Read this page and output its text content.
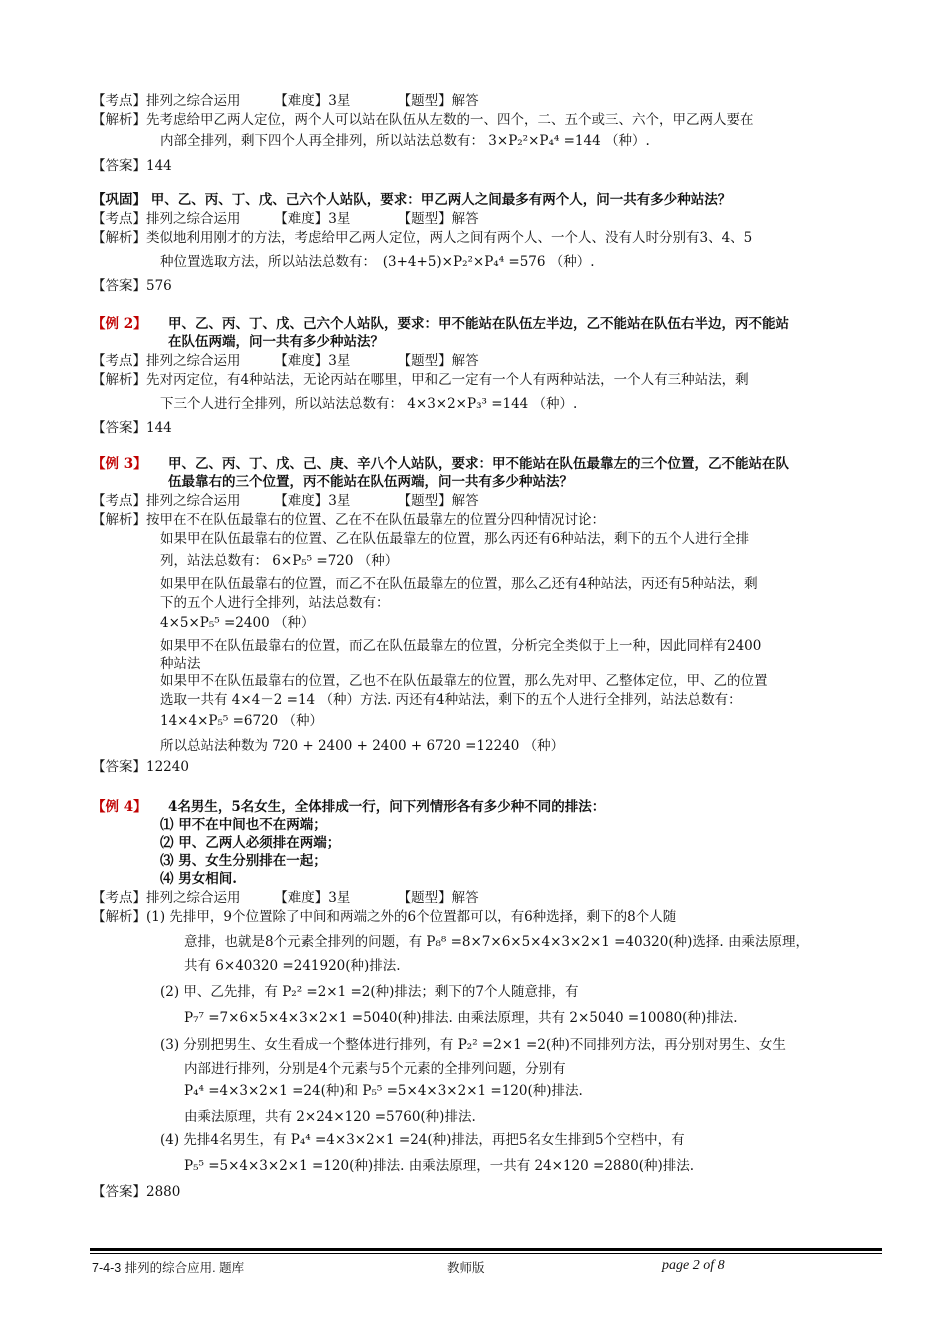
【考点】排列之综合运用　　　【难度】3星　　　　【题型】解答
【解析】先考虑给甲乙两人定位，两个人可以站在队伍从左数的一、四个，二、五个或三、六个，甲乙两人要在
内部全排列，剩下四个人再全排列，所以站法总数有： 3×P₂²×P₄⁴ =144 （种）.
【答案】144
【巩固】 甲、乙、丙、丁、戊、己六个人站队，要求：甲乙两人之间最多有两个人，问一共有多少种站法？
【考点】排列之综合运用　　　【难度】3星　　　　【题型】解答
【解析】类似地利用刚才的方法，考虑给甲乙两人定位，两人之间有两个人、一个人、没有人时分别有3、4、5
种位置选取方法，所以站法总数有：　(3+4+5)×P₂²×P₄⁴ =576 （种）.
【答案】576
甲、乙、丙、丁、戊、己六个人站队，要求：甲不能站在队伍左半边，乙不能站在队伍右半边，丙不能站
在队伍两端，问一共有多少种站法？
【考点】排列之综合运用　　　【难度】3星　　　　【题型】解答
【解析】先对丙定位，有4种站法，无论丙站在哪里，甲和乙一定有一个人有两种站法，一个人有三种站法，剩
下三个人进行全排列，所以站法总数有： 4×3×2×P₃³ =144 （种）.
【答案】144
甲、乙、丙、丁、戊、己、庚、辛八个人站队，要求：甲不能站在队伍最靠左的三个位置，乙不能站在队
伍最靠右的三个位置，丙不能站在队伍两端，问一共有多少种站法？
【考点】排列之综合运用　　　【难度】3星　　　　【题型】解答
【解析】按甲在不在队伍最靠右的位置、乙在不在队伍最靠左的位置分四种情况讨论：
如果甲在队伍最靠右的位置、乙在队伍最靠左的位置，那么丙还有6种站法，剩下的五个人进行全排
列，站法总数有： 6×P₅⁵ =720 （种）
如果甲在队伍最靠右的位置，而乙不在队伍最靠左的位置，那么乙还有4种站法，丙还有5种站法，剩
下的五个人进行全排列，站法总数有：
4×5×P₅⁵ =2400 （种）
如果甲不在队伍最靠右的位置，而乙在队伍最靠左的位置，分析完全类似于上一种，因此同样有2400
种站法
如果甲不在队伍最靠右的位置，乙也不在队伍最靠左的位置，那么先对甲、乙整体定位，甲、乙的位置
选取一共有 4×4－2 =14 （种）方法. 丙还有4种站法，剩下的五个人进行全排列，站法总数有：
14×4×P₅⁵ =6720 （种）
所以总站法种数为 720 + 2400 + 2400 + 6720 =12240 （种）
【答案】12240
4名男生，5名女生，全体排成一行，问下列情形各有多少种不同的排法：
⑴ 甲不在中间也不在两端；
⑵ 甲、乙两人必须排在两端；
⑶ 男、女生分别排在一起；
⑷ 男女相间.
【考点】排列之综合运用　　　【难度】3星　　　　【题型】解答
【解析】(1) 先排甲，9个位置除了中间和两端之外的6个位置都可以，有6种选择，剩下的8个人随
意排，也就是8个元素全排列的问题，有 P₈⁸ =8×7×6×5×4×3×2×1 =40320(种)选择. 由乘法原理，
共有 6×40320 =241920(种)排法.
(2) 甲、乙先排，有 P₂² =2×1 =2(种)排法；剩下的7个人随意排，有
P₇⁷ =7×6×5×4×3×2×1 =5040(种)排法. 由乘法原理，共有 2×5040 =10080(种)排法.
(3) 分别把男生、女生看成一个整体进行排列，有 P₂² =2×1 =2(种)不同排列方法，再分别对男生、女生
内部进行排列，分别是4个元素与5个元素的全排列问题，分别有
P₄⁴ =4×3×2×1 =24(种)和 P₅⁵ =5×4×3×2×1 =120(种)排法.
由乘法原理，共有 2×24×120 =5760(种)排法.
(4) 先排4名男生，有 P₄⁴ =4×3×2×1 =24(种)排法，再把5名女生排到5个空档中，有
P₅⁵ =5×4×3×2×1 =120(种)排法. 由乘法原理，一共有 24×120 =2880(种)排法.
【答案】2880
【例 2】
【例 3】
【例 4】
7-4-3 排列的综合应用. 题库	教师版	page 2 of 8
